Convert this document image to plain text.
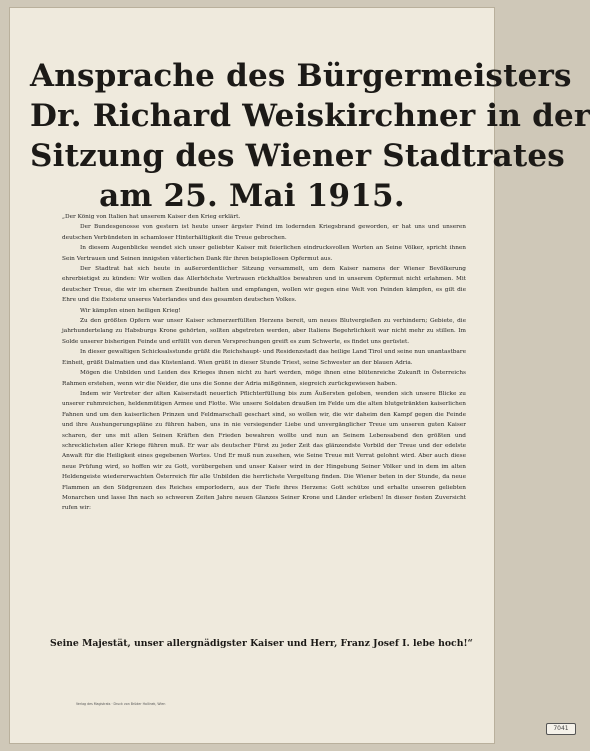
Ansprache des Bürgermeisters
Dr. Richard Weiskirchner in der
Sitzung des Wiener Stadtrates
am 25. Mai 1915.

„Der König von Italien hat unserem Kaiser den Krieg erklärt.

Der Bundesgenosse von gestern ist heute unser ärgster Feind im lodernden Kriegsbrand geworden, er hat uns und unseren deutschen Verbündeten in schamloser Hinterhältigkeit die Treue gebrochen.

In diesem Augenblicke wendet sich unser geliebter Kaiser mit feierlichen eindrucksvollen Worten an Seine Völker, spricht ihnen Sein Vertrauen und Seinen innigsten väterlichen Dank für ihren beispiellosen Opfermut aus.

Der Stadtrat hat sich heute in außerordentlicher Sitzung versammelt, um dem Kaiser namens der Wiener Bevölkerung ehrerbietigst zu künden: Wir wollen das Allerhöchste Vertrauen rückhaltlos bewahren und in unserem Opfermut nicht erlahmen. Mit deutscher Treue, die wir im ehernen Zweibunde halten und empfangen, wollen wir gegen eine Welt von Feinden kämpfen, es gilt die Ehre und die Existenz unseres Vaterlandes und des gesamten deutschen Volkes.

Wir kämpfen einen heiligen Krieg!

Zu den größten Opfern war unser Kaiser schmerzerfüllten Herzens bereit, um neues Blutvergießen zu verhindern; Gebiete, die jahrhundertelang zu Habsburgs Krone gehörten, sollten abgetreten werden, aber Italiens Begehrlichkeit war nicht mehr zu stillen. Im Solde unserer bisherigen Feinde und erfüllt von deren Versprechungen greift es zum Schwerte, es findet uns gerüstet.

In dieser gewaltigen Schicksalsstunde grüßt die Reichshaupt- und Residenzstadt das heilige Land Tirol und seine nun unantastbare Einheit, grüßt Dalmatien und das Küstenland. Wien grüßt in dieser Stunde Triest, seine Schwester an der blauen Adria.

Mögen die Unbilden und Leiden des Krieges ihnen nicht zu hart werden, möge ihnen eine blütenreiche Zukunft in Österreichs Rahmen erstehen, wenn wir die Neider, die uns die Sonne der Adria mißgönnen, siegreich zurückgewiesen haben.

Indem wir Vertreter der alten Kaiserstadt neuerlich Pflichterfüllung bis zum Äußersten geloben, wenden sich unsere Blicke zu unserer ruhmreichen, heldenmütigen Armee und Flotte. Wie unsere Soldaten draußen im Felde um die alten blutgetränkten kaiserlichen Fahnen und um den kaiserlichen Prinzen und Feldmarschall geschart sind, so wollen wir, die wir daheim den Kampf gegen die Feinde und ihre Aushungerungspläne zu führen haben, uns in nie versiegender Liebe und unvergänglicher Treue um unseren guten Kaiser scharen, der uns mit allen Seinen Kräften den Frieden bewahren wollte und nun an Seinem Lebensabend den größten und schrecklichsten aller Kriege führen muß. Er war als deutscher Fürst zu jeder Zeit das glänzendste Vorbild der Treue und der edelste Anwalt für die Heiligkeit eines gegebenen Wortes. Und Er muß nun zusehen, wie Seine Treue mit Verrat gelohnt wird. Aber auch diese neue Prüfung wird, so hoffen wir zu Gott, vorübergehen und unser Kaiser wird in der Hingebung Seiner Völker und in dem im alten Heldengeiste wiedererwachten Österreich für alle Unbilden die herrlichste Vergeltung finden. Die Wiener beten in der Stunde, da neue Flammen an den Südgrenzen des Reiches emporlodern, aus der Tiefe ihres Herzens: Gott schütze und erhalte unseren geliebten Monarchen und lasse Ihn nach so schweren Zeiten Jahre neuen Glanzes Seiner Krone und Länder erleben! In dieser festen Zuversicht rufen wir:

Seine Majestät, unser allergnädigster Kaiser und Herr, Franz Josef I. lebe hoch!“
Verlag des Magistrats · Druck von Brüder Hollinek, Wien
7041
